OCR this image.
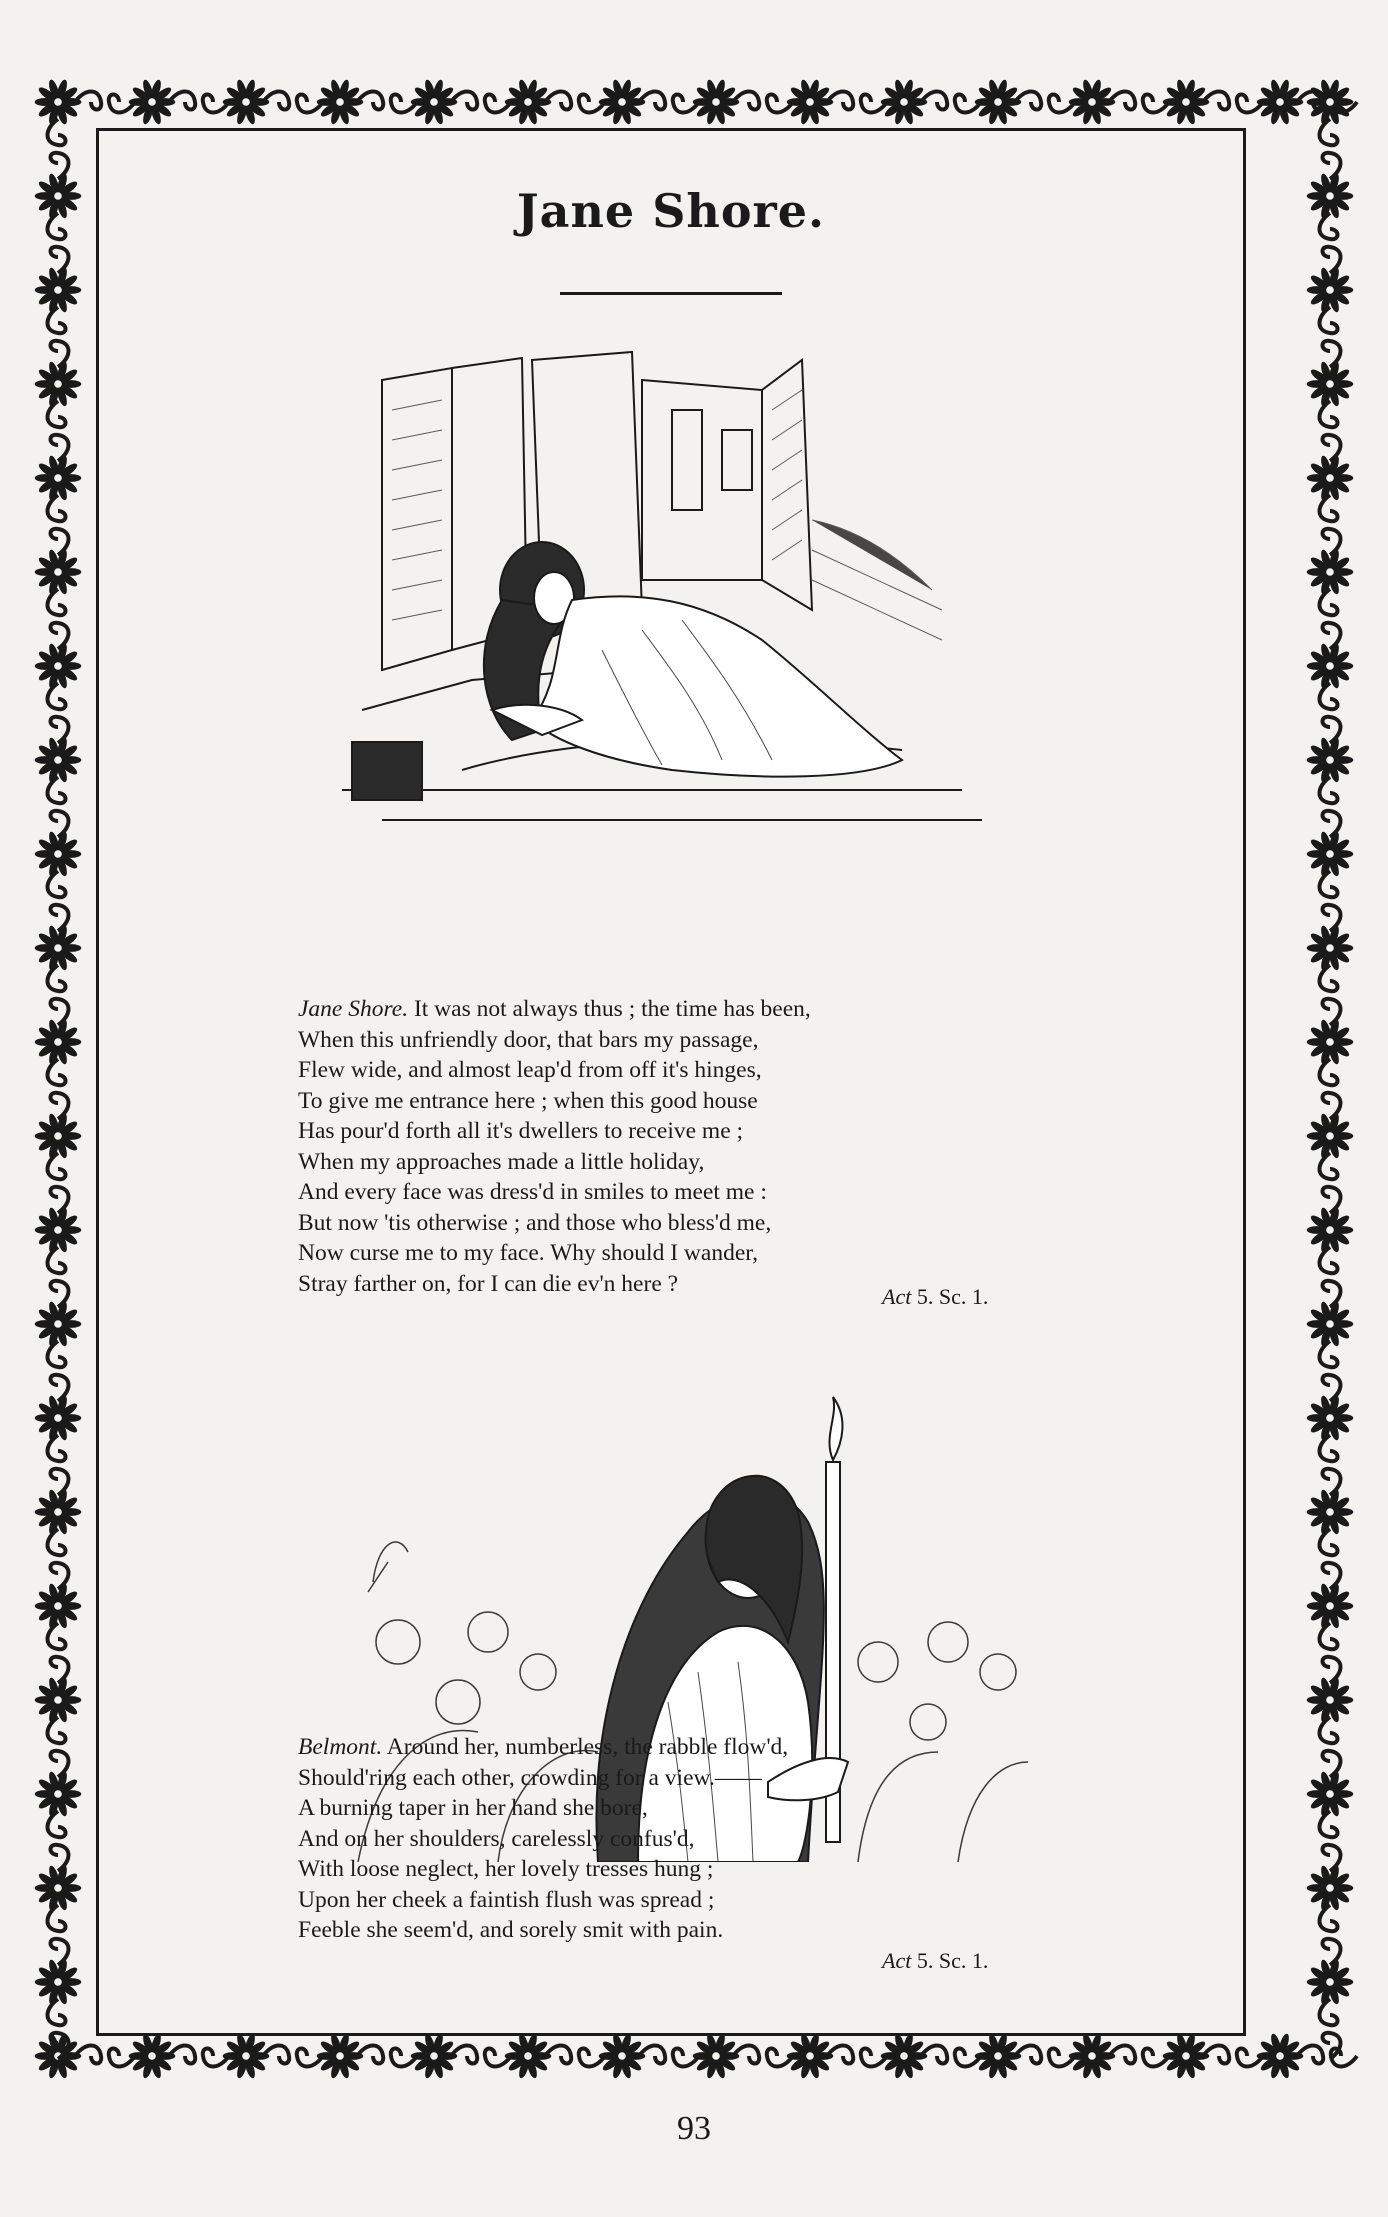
Jane Shore.
Jane Shore. It was not always thus ; the time has been,
When this unfriendly door, that bars my passage,
Flew wide, and almost leap'd from off it's hinges,
To give me entrance here ; when this good house
Has pour'd forth all it's dwellers to receive me ;
When my approaches made a little holiday,
And every face was dress'd in smiles to meet me :
But now 'tis otherwise ; and those who bless'd me,
Now curse me to my face. Why should I wander,
Stray farther on, for I can die ev'n here ?	Act 5. Sc. 1.
Belmont. Around her, numberless, the rabble flow'd,
Should'ring each other, crowding for a view.——
A burning taper in her hand she bore,
And on her shoulders, carelessly confus'd,
With loose neglect, her lovely tresses hung ;
Upon her cheek a faintish flush was spread ;
Feeble she seem'd, and sorely smit with pain.
Act 5. Sc. 1.
93
